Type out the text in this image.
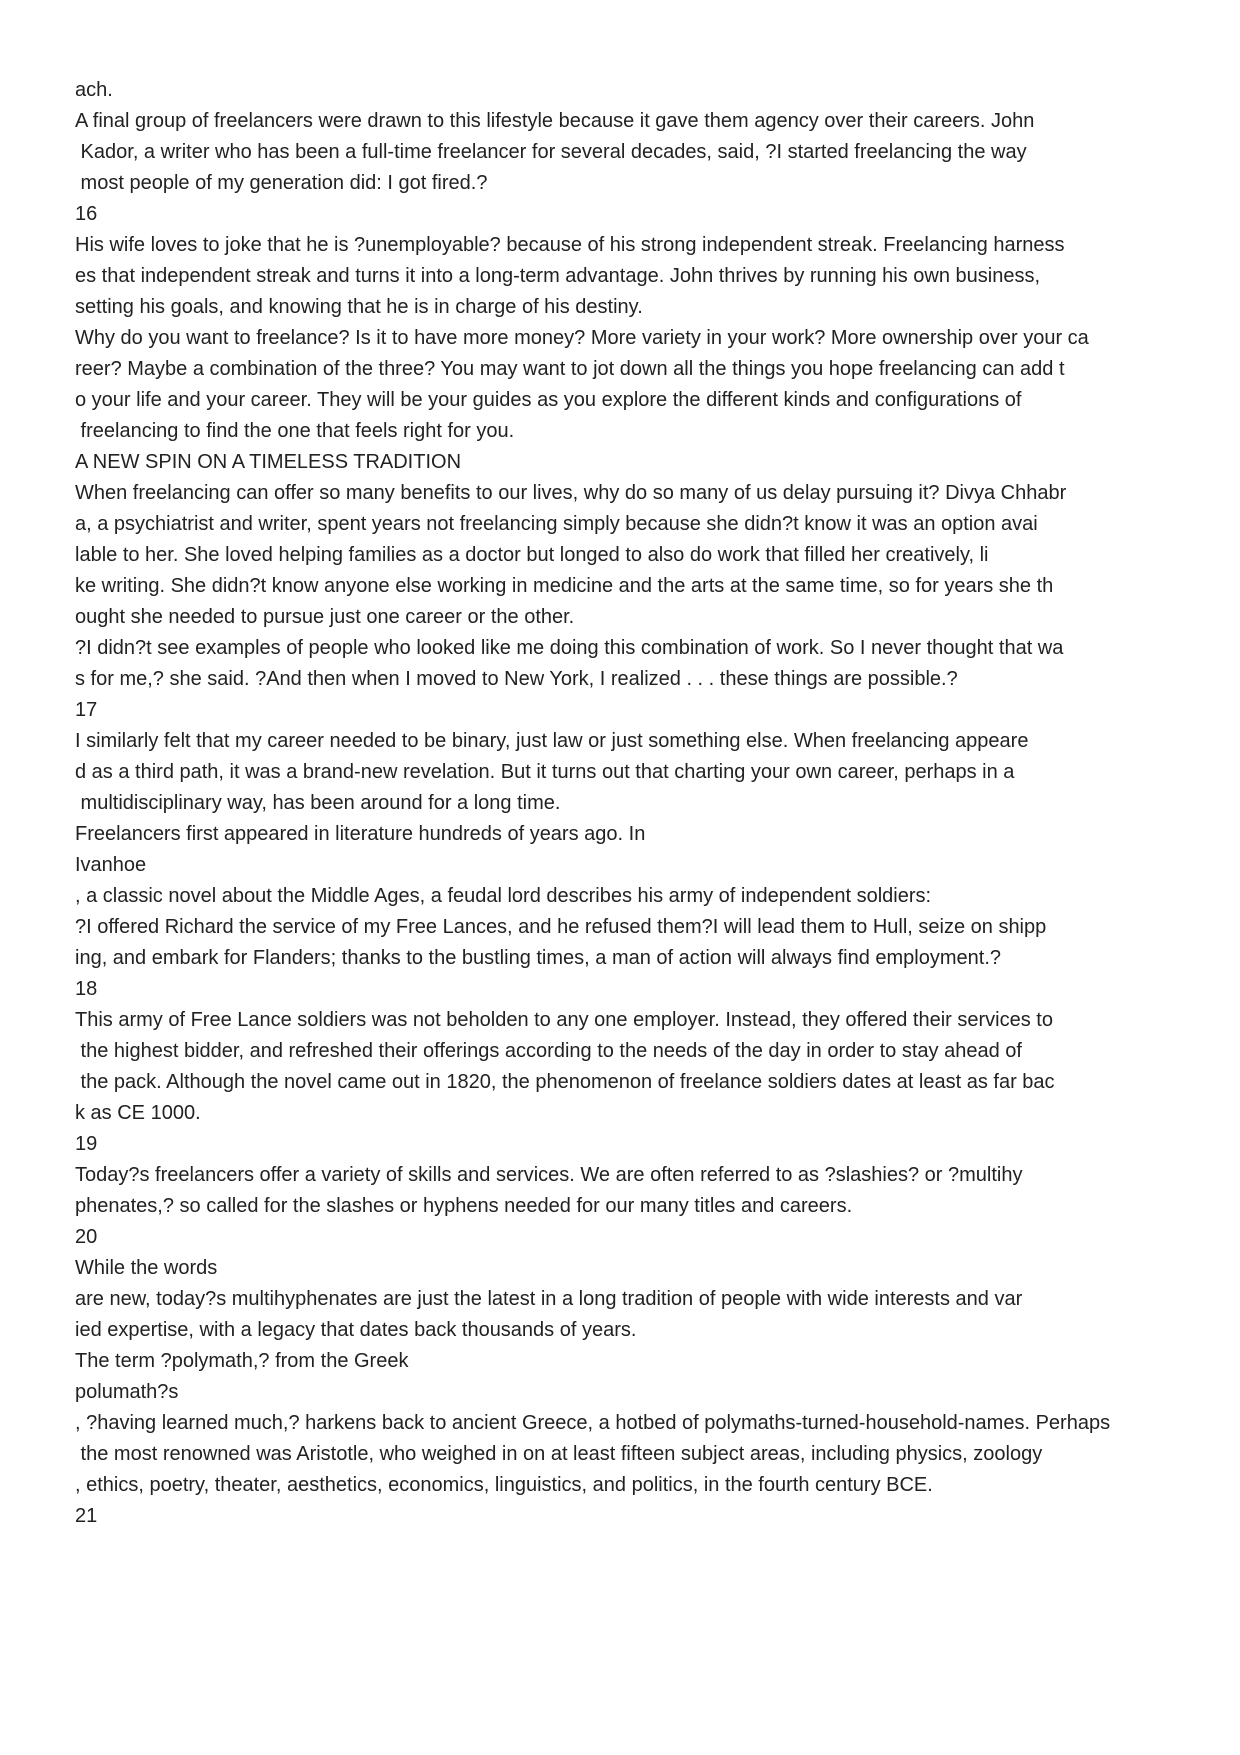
ach.

A final group of freelancers were drawn to this lifestyle because it gave them agency over their careers. John

Kador, a writer who has been a full-time freelancer for several decades, said, ?I started freelancing the way

most people of my generation did: I got fired.?

16

His wife loves to joke that he is ?unemployable? because of his strong independent streak. Freelancing harness

es that independent streak and turns it into a long-term advantage. John thrives by running his own business,

setting his goals, and knowing that he is in charge of his destiny.

Why do you want to freelance? Is it to have more money? More variety in your work? More ownership over your ca

reer? Maybe a combination of the three? You may want to jot down all the things you hope freelancing can add t

o your life and your career. They will be your guides as you explore the different kinds and configurations of

freelancing to find the one that feels right for you.

A NEW SPIN ON A TIMELESS TRADITION

When freelancing can offer so many benefits to our lives, why do so many of us delay pursuing it? Divya Chhabr

a, a psychiatrist and writer, spent years not freelancing simply because she didn?t know it was an option avai

lable to her. She loved helping families as a doctor but longed to also do work that filled her creatively, li

ke writing. She didn?t know anyone else working in medicine and the arts at the same time, so for years she th

ought she needed to pursue just one career or the other.

?I didn?t see examples of people who looked like me doing this combination of work. So I never thought that wa

s for me,? she said. ?And then when I moved to New York, I realized . . . these things are possible.?

17

I similarly felt that my career needed to be binary, just law or just something else. When freelancing appeare

d as a third path, it was a brand-new revelation. But it turns out that charting your own career, perhaps in a

multidisciplinary way, has been around for a long time.

Freelancers first appeared in literature hundreds of years ago. In

Ivanhoe

, a classic novel about the Middle Ages, a feudal lord describes his army of independent soldiers:

?I offered Richard the service of my Free Lances, and he refused them?I will lead them to Hull, seize on shipp

ing, and embark for Flanders; thanks to the bustling times, a man of action will always find employment.?

18

This army of Free Lance soldiers was not beholden to any one employer. Instead, they offered their services to

the highest bidder, and refreshed their offerings according to the needs of the day in order to stay ahead of

the pack. Although the novel came out in 1820, the phenomenon of freelance soldiers dates at least as far bac

k as CE 1000.

19

Today?s freelancers offer a variety of skills and services. We are often referred to as ?slashies? or ?multihy

phenates,? so called for the slashes or hyphens needed for our many titles and careers.

20

While the words

are new, today?s multihyphenates are just the latest in a long tradition of people with wide interests and var

ied expertise, with a legacy that dates back thousands of years.

The term ?polymath,? from the Greek

polumath?s

, ?having learned much,? harkens back to ancient Greece, a hotbed of polymaths-turned-household-names. Perhaps

the most renowned was Aristotle, who weighed in on at least fifteen subject areas, including physics, zoology

, ethics, poetry, theater, aesthetics, economics, linguistics, and politics, in the fourth century BCE.

21
